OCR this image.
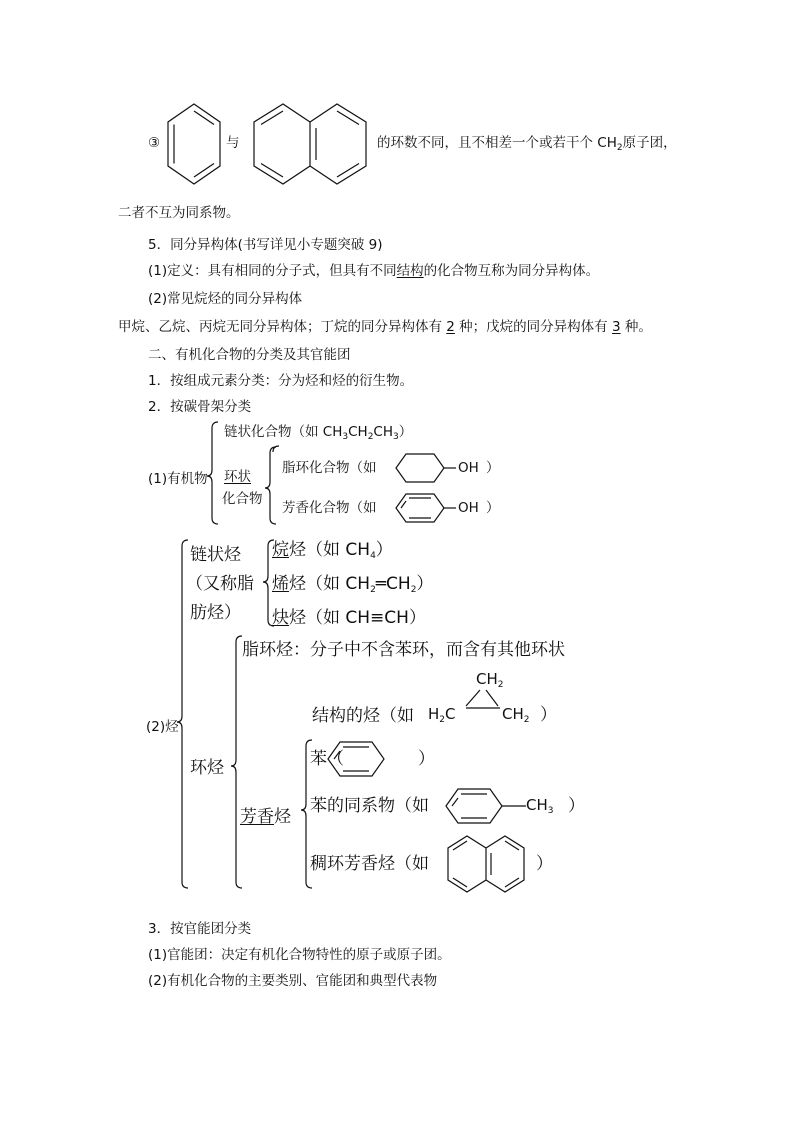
③	与	的环数不同，且不相差一个或若干个 $CH_2$原子团，
二者不互为同系物。
5．同分异构体(书写详见小专题突破 9)
(1)定义：具有相同的分子式，但具有不同结构的化合物互称为同分异构体。
(2)常见烷烃的同分异构体
甲烷、乙烷、丙烷无同分异构体；丁烷的同分异构体有 2 种；戊烷的同分异构体有 3 种。
二、有机化合物的分类及其官能团
1．按组成元素分类：分为烃和烃的衍生物。
2．按碳骨架分类
(1)有机物
链状化合物（如 $CH_3CH_2CH_3$）
环状
化合物
脂环化合物（如	OH ）
芳香化合物（如	OH ）
(2)烃
链状烃
（又称脂
肪烃）
烷烃（如 $CH_4$）
烯烃（如 $CH_2═CH_2$）
炔烃（如 CH≡CH）
环烃
脂环烃：分子中不含苯环，而含有其他环状
结构的烃（如
$CH_2$
$H_2C$	$CH_2$ ）
芳香烃
苯（	）
苯的同系物（如	$CH_3$ ）
稠环芳香烃（如	）
3．按官能团分类
(1)官能团：决定有机化合物特性的原子或原子团。
(2)有机化合物的主要类别、官能团和典型代表物
